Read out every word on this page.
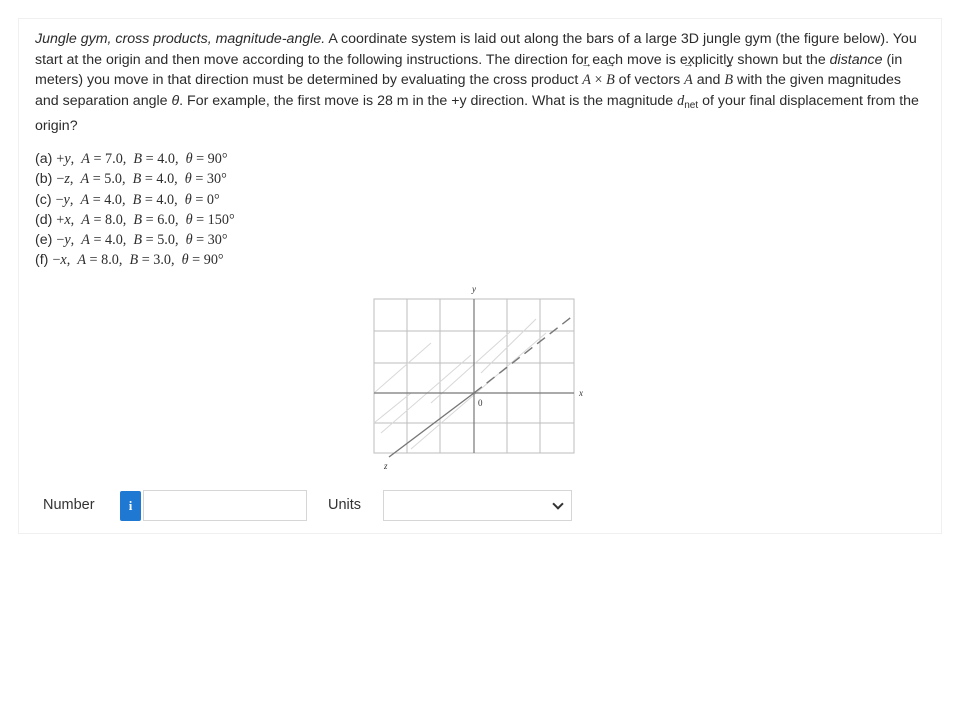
Jungle gym, cross products, magnitude-angle. A coordinate system is laid out along the bars of a large 3D jungle gym (the figure below). You start at the origin and then move according to the following instructions. The direction for each move is explicitly shown but the distance (in meters) you move in that direction must be determined by evaluating the cross product → A × → B of vectors → A and → B with the given magnitudes and separation angle θ. For example, the first move is 28 m in the +y direction. What is the magnitude $d_{net}$ of your final displacement from the origin?
(a) +y,  A = 7.0,  B = 4.0,  θ = 90°
(b) −z,  A = 5.0,  B = 4.0,  θ = 30°
(c) −y,  A = 4.0,  B = 4.0,  θ = 0°
(d) +x,  A = 8.0,  B = 6.0,  θ = 150°
(e) −y,  A = 4.0,  B = 5.0,  θ = 30°
(f) −x,  A = 8.0,  B = 3.0,  θ = 90°
y
x
z
0
Number	i	Units
